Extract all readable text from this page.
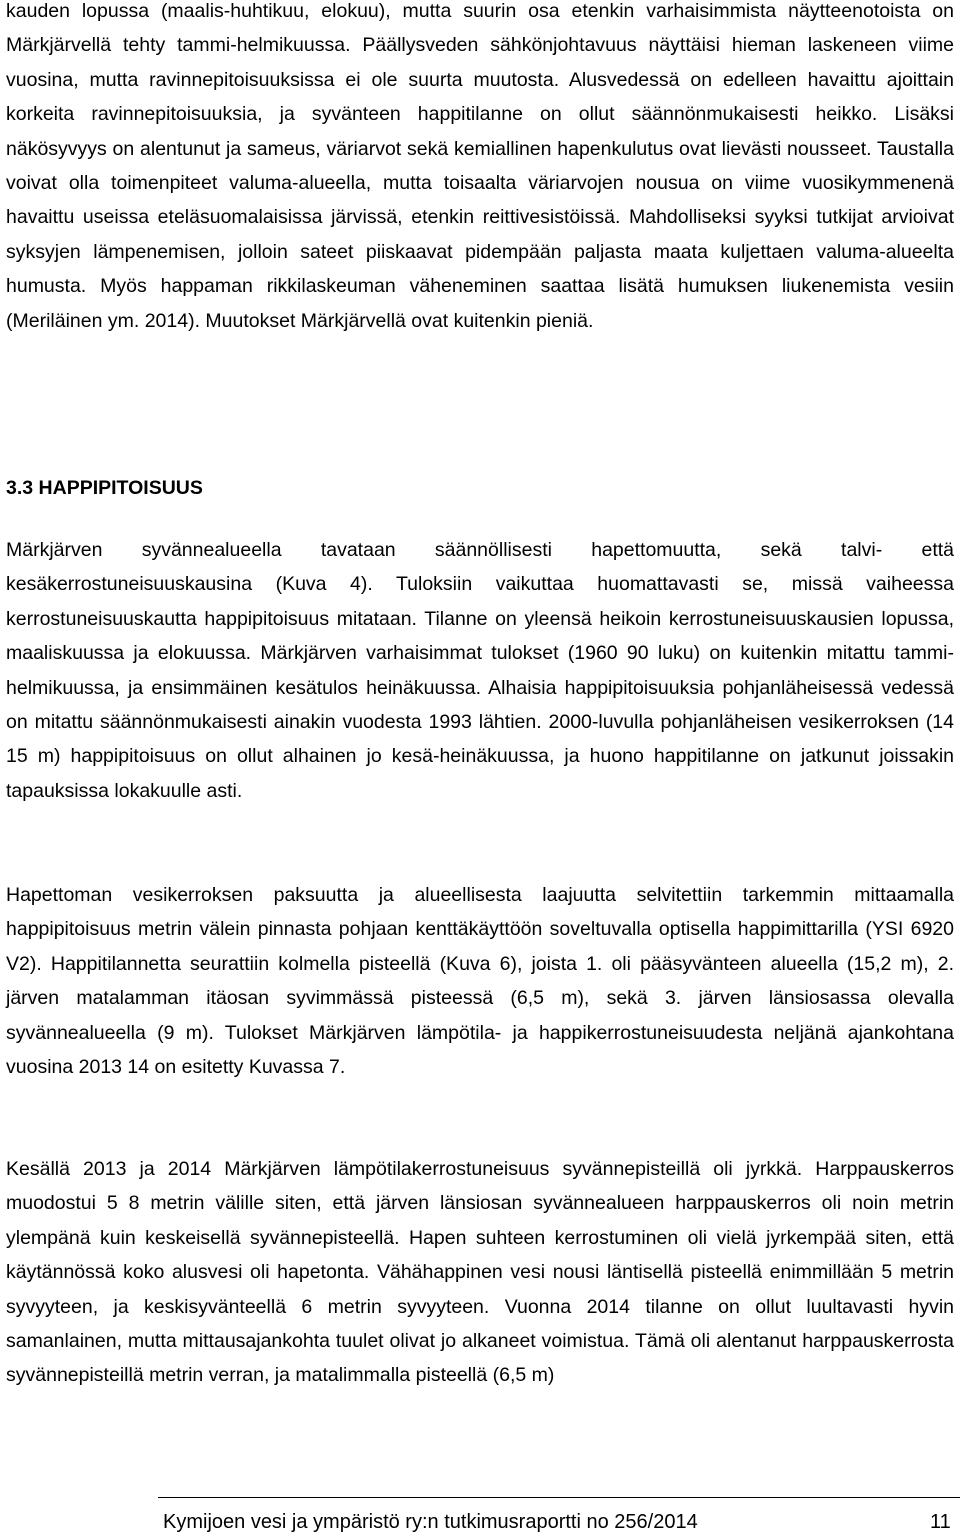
kauden lopussa (maalis-huhtikuu, elokuu), mutta suurin osa etenkin varhaisimmista näytteenotoista on Märkjärvellä tehty tammi-helmikuussa. Päällysveden sähkönjohtavuus näyttäisi hieman laskeneen viime vuosina, mutta ravinnepitoisuuksissa ei ole suurta muutosta. Alusvedessä on edelleen havaittu ajoittain korkeita ravinnepitoisuuksia, ja syvänteen happitilanne on ollut säännönmukaisesti heikko. Lisäksi näkösyvyys on alentunut ja sameus, väriarvot sekä kemiallinen hapenkulutus ovat lievästi nousseet. Taustalla voivat olla toimenpiteet valuma-alueella, mutta toisaalta väriarvojen nousua on viime vuosikymmenenä havaittu useissa eteläsuomalaisissa järvissä, etenkin reittivesistöissä. Mahdolliseksi syyksi tutkijat arvioivat syksyjen lämpenemisen, jolloin sateet piiskaavat pidempään paljasta maata kuljettaen valuma-alueelta humusta. Myös happaman rikkilaskeuman väheneminen saattaa lisätä humuksen liukenemista vesiin (Meriläinen ym. 2014). Muutokset Märkjärvellä ovat kuitenkin pieniä.

3.3 HAPPIPITOISUUS

Märkjärven syvännealueella tavataan säännöllisesti hapettomuutta, sekä talvi- että kesäkerrostuneisuuskausina (Kuva 4). Tuloksiin vaikuttaa huomattavasti se, missä vaiheessa kerrostuneisuuskautta happipitoisuus mitataan. Tilanne on yleensä heikoin kerrostuneisuuskausien lopussa, maaliskuussa ja elokuussa. Märkjärven varhaisimmat tulokset (1960 90 luku) on kuitenkin mitattu tammi-helmikuussa, ja ensimmäinen kesätulos heinäkuussa. Alhaisia happipitoisuuksia pohjanläheisessä vedessä on mitattu säännönmukaisesti ainakin vuodesta 1993 lähtien. 2000-luvulla pohjanläheisen vesikerroksen (14 15 m) happipitoisuus on ollut alhainen jo kesä-heinäkuussa, ja huono happitilanne on jatkunut joissakin tapauksissa lokakuulle asti.

Hapettoman vesikerroksen paksuutta ja alueellisesta laajuutta selvitettiin tarkemmin mittaamalla happipitoisuus metrin välein pinnasta pohjaan kenttäkäyttöön soveltuvalla optisella happimittarilla (YSI 6920 V2). Happitilannetta seurattiin kolmella pisteellä (Kuva 6), joista 1. oli pääsyvänteen alueella (15,2 m), 2. järven matalamman itäosan syvimmässä pisteessä (6,5 m), sekä 3. järven länsiosassa olevalla syvännealueella (9 m). Tulokset Märkjärven lämpötila- ja happikerrostuneisuudesta neljänä ajankohtana vuosina 2013 14 on esitetty Kuvassa 7.

Kesällä 2013 ja 2014 Märkjärven lämpötilakerrostuneisuus syvännepisteillä oli jyrkkä. Harppauskerros muodostui 5 8 metrin välille siten, että järven länsiosan syvännealueen harppauskerros oli noin metrin ylempänä kuin keskeisellä syvännepisteellä. Hapen suhteen kerrostuminen oli vielä jyrkempää siten, että käytännössä koko alusvesi oli hapetonta. Vähähappinen vesi nousi läntisellä pisteellä enimmillään 5 metrin syvyyteen, ja keskisyvänteellä 6 metrin syvyyteen. Vuonna 2014 tilanne on ollut luultavasti hyvin samanlainen, mutta mittausajankohta tuulet olivat jo alkaneet voimistua. Tämä oli alentanut harppauskerrosta syvännepisteillä metrin verran, ja matalimmalla pisteellä (6,5 m)

Kymijoen vesi ja ympäristö ry:n tutkimusraportti no 256/2014	11
